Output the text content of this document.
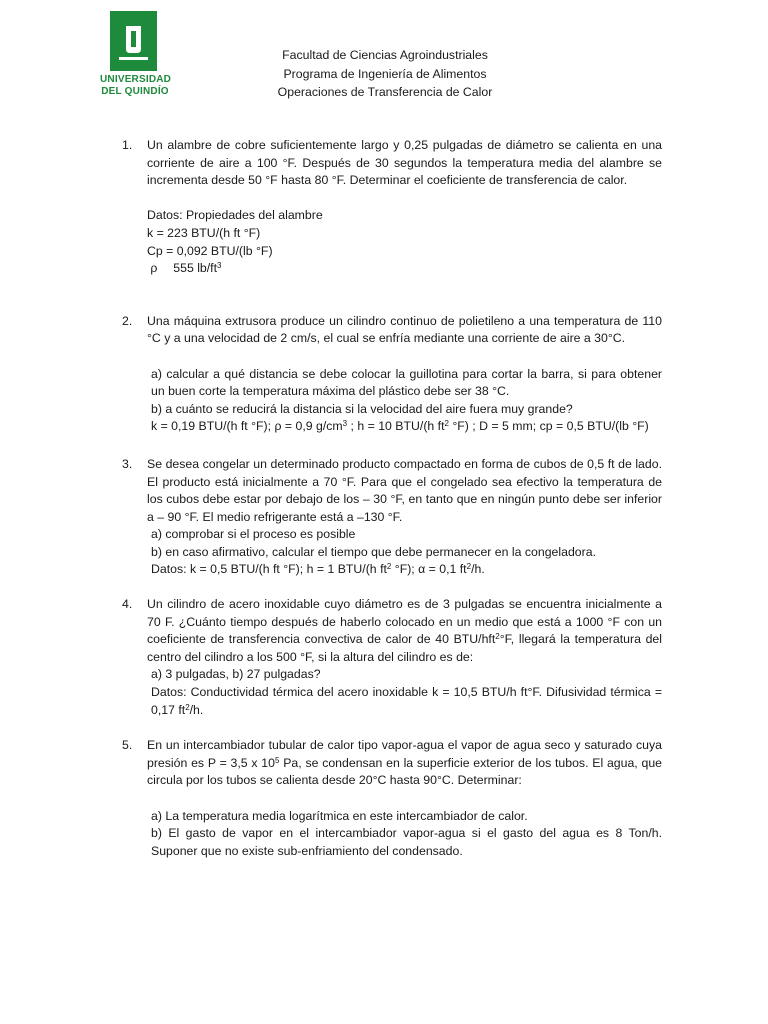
UNIVERSIDAD
DEL QUINDÍO
Facultad de Ciencias Agroindustriales
Programa de Ingeniería de Alimentos
Operaciones de Transferencia de Calor
1. Un alambre de cobre suficientemente largo y 0,25 pulgadas de diámetro se calienta en una corriente de aire a 100 °F. Después de 30 segundos la temperatura media del alambre se incrementa desde 50 °F hasta 80 °F. Determinar el coeficiente de transferencia de calor.

Datos: Propiedades del alambre

k = 223 BTU/(h ft °F)

Cp = 0,092 BTU/(lb °F)

ρ 555 $lb/ft^3$

2. Una máquina extrusora produce un cilindro continuo de polietileno a una temperatura de 110 °C y a una velocidad de 2 cm/s, el cual se enfría mediante una corriente de aire a 30°C.

a) calcular a qué distancia se debe colocar la guillotina para cortar la barra, si para obtener un buen corte la temperatura máxima del plástico debe ser 38 °C.

b) a cuánto se reducirá la distancia si la velocidad del aire fuera muy grande?

k = 0,19 BTU/(h ft °F); ρ = 0,9 $g/cm^3$ ; h = 10 BTU/(h $ft^2$ °F) ; D = 5 mm; cp = 0,5 BTU/(lb °F)

3. Se desea congelar un determinado producto compactado en forma de cubos de 0,5 ft de lado. El producto está inicialmente a 70 °F. Para que el congelado sea efectivo la temperatura de los cubos debe estar por debajo de los – 30 °F, en tanto que en ningún punto debe ser inferior a – 90 °F. El medio refrigerante está a –130 °F.

a) comprobar si el proceso es posible

b) en caso afirmativo, calcular el tiempo que debe permanecer en la congeladora.

Datos: k = 0,5 BTU/(h ft °F); h = 1 BTU/(h $ft^2$ °F); α = 0,1 $ft^2/h$.

4. Un cilindro de acero inoxidable cuyo diámetro es de 3 pulgadas se encuentra inicialmente a 70 F. ¿Cuánto tiempo después de haberlo colocado en un medio que está a 1000 °F con un coeficiente de transferencia convectiva de calor de 40 BTU/hft$^2$°F, llegará la temperatura del centro del cilindro a los 500 °F, si la altura del cilindro es de:

a) 3 pulgadas, b) 27 pulgadas?

Datos: Conductividad térmica del acero inoxidable k = 10,5 BTU/h ft°F. Difusividad térmica = 0,17 $ft^2/h$.

5. En un intercambiador tubular de calor tipo vapor-agua el vapor de agua seco y saturado cuya presión es P = 3,5 x $10^5$ Pa, se condensan en la superficie exterior de los tubos. El agua, que circula por los tubos se calienta desde 20°C hasta 90°C. Determinar:

a) La temperatura media logarítmica en este intercambiador de calor.

b) El gasto de vapor en el intercambiador vapor-agua si el gasto del agua es 8 Ton/h. Suponer que no existe sub-enfriamiento del condensado.
